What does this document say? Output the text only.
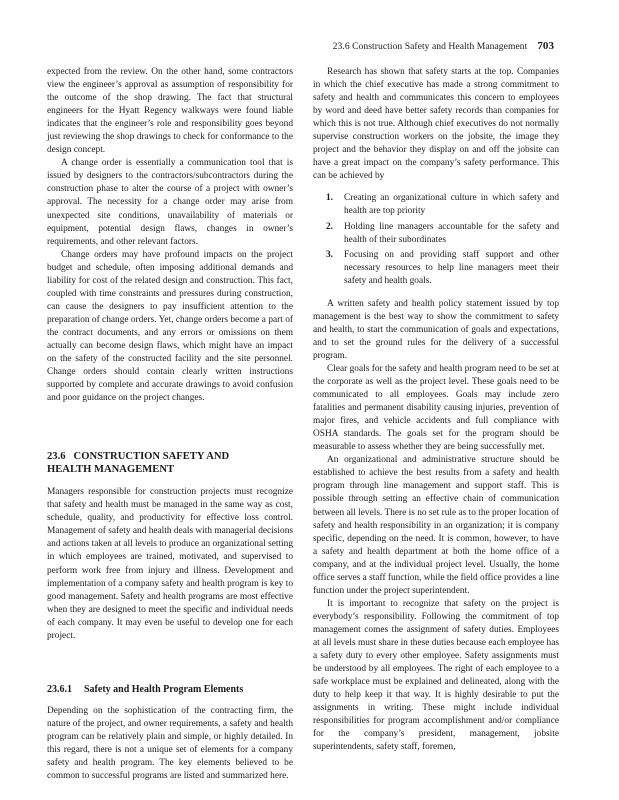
23.6 Construction Safety and Health Management 703

expected from the review. On the other hand, some contractors view the engineer’s approval as assumption of responsibility for the outcome of the shop drawing. The fact that structural engineers for the Hyatt Regency walkways were found liable indicates that the engineer’s role and responsibility goes beyond just reviewing the shop drawings to check for conformance to the design concept.

A change order is essentially a communication tool that is issued by designers to the contractors/subcontractors during the construction phase to alter the course of a project with owner’s approval. The necessity for a change order may arise from unexpected site conditions, unavailability of materials or equipment, potential design flaws, changes in owner’s requirements, and other relevant factors.

Change orders may have profound impacts on the project budget and schedule, often imposing additional demands and liability for cost of the related design and construction. This fact, coupled with time constraints and pressures during construction, can cause the designers to pay insufficient attention to the preparation of change orders. Yet, change orders become a part of the contract documents, and any errors or omissions on them actually can become design flaws, which might have an impact on the safety of the constructed facility and the site personnel. Change orders should contain clearly written instructions supported by complete and accurate drawings to avoid confusion and poor guidance on the project changes.

23.6 CONSTRUCTION SAFETY AND
HEALTH MANAGEMENT

Managers responsible for construction projects must recognize that safety and health must be managed in the same way as cost, schedule, quality, and productivity for effective loss control. Management of safety and health deals with managerial decisions and actions taken at all levels to produce an organizational setting in which employees are trained, motivated, and supervised to perform work free from injury and illness. Development and implementation of a company safety and health program is key to good management. Safety and health programs are most effective when they are designed to meet the specific and individual needs of each company. It may even be useful to develop one for each project.

23.6.1 Safety and Health Program Elements

Depending on the sophistication of the contracting firm, the nature of the project, and owner requirements, a safety and health program can be relatively plain and simple, or highly detailed. In this regard, there is not a unique set of elements for a company safety and health program. The key elements believed to be common to successful programs are listed and summarized here.

Research has shown that safety starts at the top. Companies in which the chief executive has made a strong commitment to safety and health and communicates this concern to employees by word and deed have better safety records than companies for which this is not true. Although chief executives do not normally supervise construction workers on the jobsite, the image they project and the behavior they display on and off the jobsite can have a great impact on the company’s safety performance. This can be achieved by

1.	Creating an organizational culture in which safety and health are top priority
2.	Holding line managers accountable for the safety and health of their subordinates
3.	Focusing on and providing staff support and other necessary resources to help line managers meet their safety and health goals.

A written safety and health policy statement issued by top management is the best way to show the commitment to safety and health, to start the communication of goals and expectations, and to set the ground rules for the delivery of a successful program.

Clear goals for the safety and health program need to be set at the corporate as well as the project level. These goals need to be communicated to all employees. Goals may include zero fatalities and permanent disability causing injuries, prevention of major fires, and vehicle accidents and full compliance with OSHA standards. The goals set for the program should be measurable to assess whether they are being successfully met.

An organizational and administrative structure should be established to achieve the best results from a safety and health program through line management and support staff. This is possible through setting an effective chain of communication between all levels. There is no set rule as to the proper location of safety and health responsibility in an organization; it is company specific, depending on the need. It is common, however, to have a safety and health department at both the home office of a company, and at the individual project level. Usually, the home office serves a staff function, while the field office provides a line function under the project superintendent.

It is important to recognize that safety on the project is everybody’s responsibility. Following the commitment of top management comes the assignment of safety duties. Employees at all levels must share in these duties because each employee has a safety duty to every other employee. Safety assignments must be understood by all employees. The right of each employee to a safe workplace must be explained and delineated, along with the duty to help keep it that way. It is highly desirable to put the assignments in writing. These might include individual responsibilities for program accomplishment and/or compliance for the company’s president, management, jobsite superintendents, safety staff, foremen,
